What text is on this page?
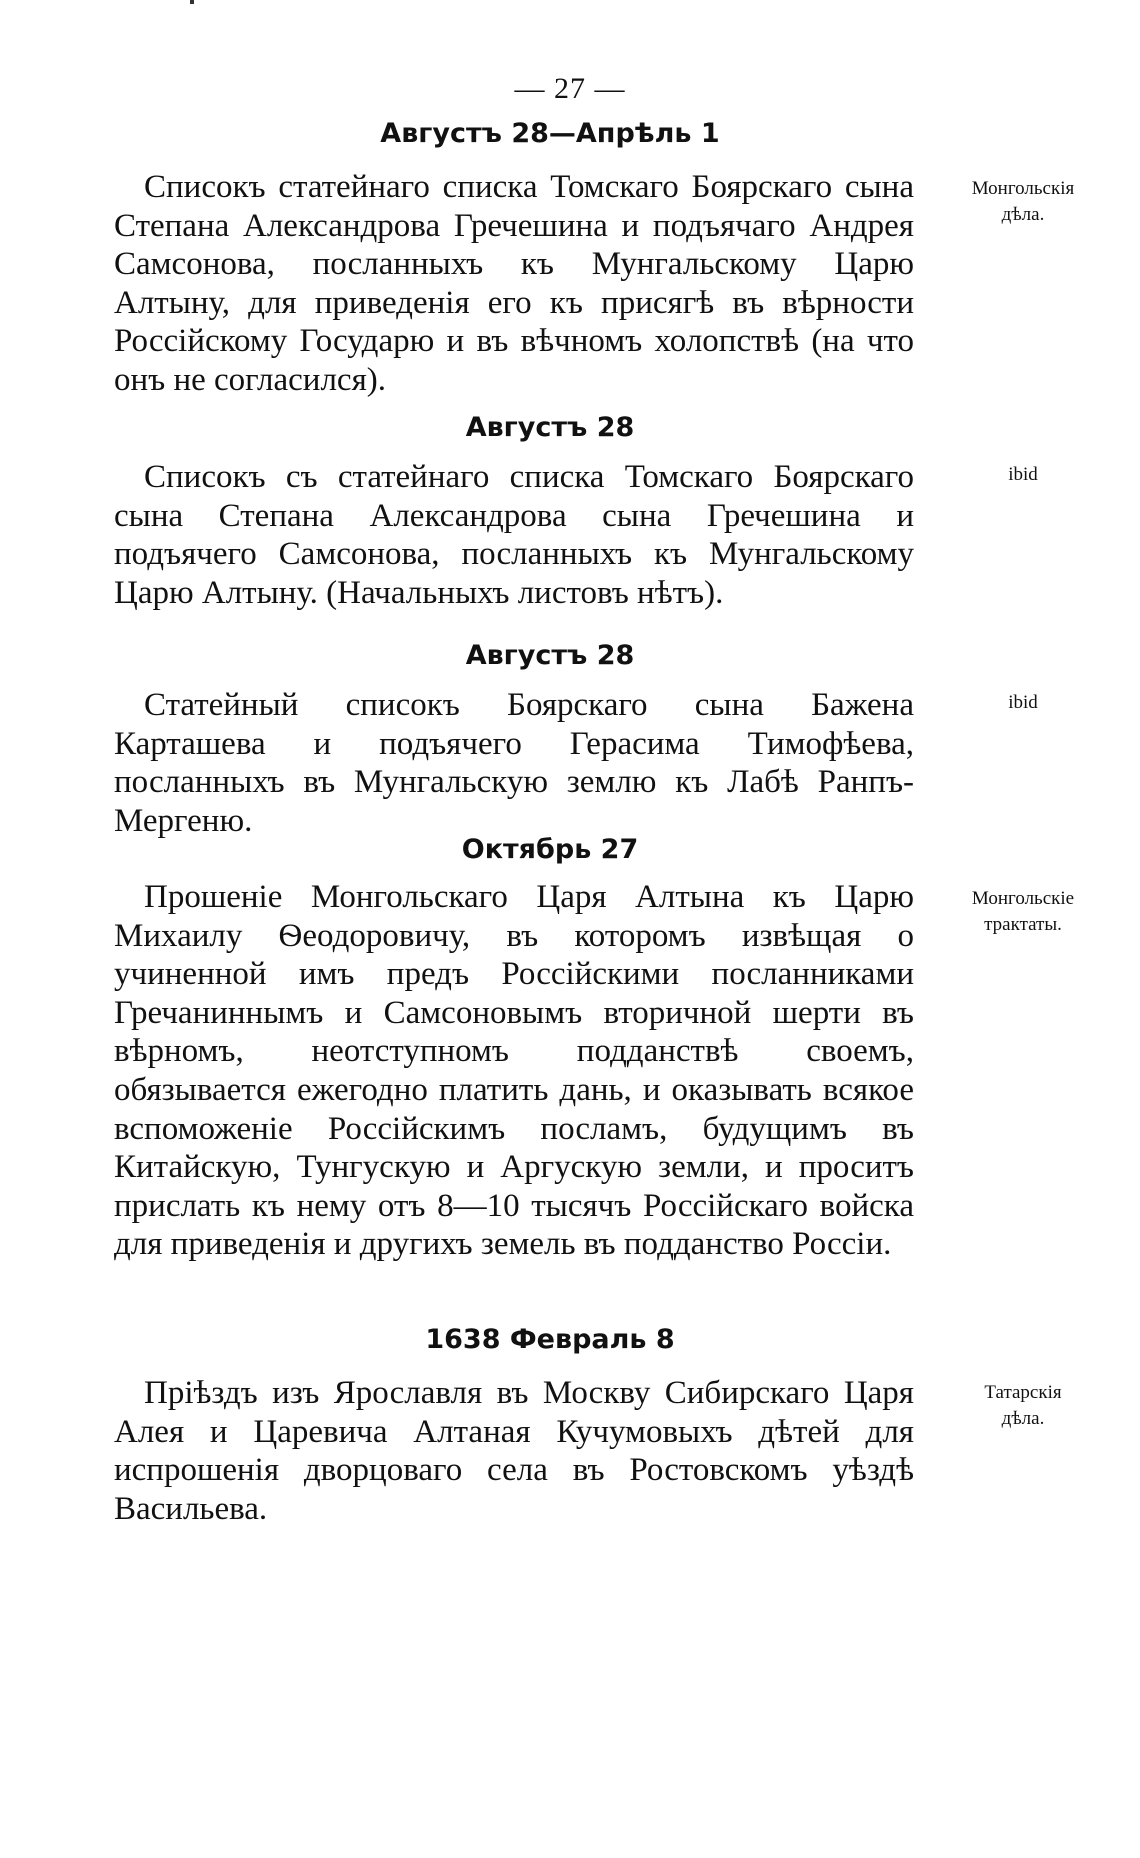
— 27 —
Августъ 28—Апрѣль 1

Списокъ статейнаго списка Томскаго Боярскаго сына Степана Александрова Гречешина и подъячаго Андрея Самсонова, посланныхъ къ Мунгальскому Царю Алтыну, для приведенія его къ присягѣ въ вѣрности Россійскому Государю и въ вѣчномъ холопствѣ (на что онъ не согласился).

Монгольскія
дѣла.

Августъ 28

Списокъ съ статейнаго списка Томскаго Боярскаго сына Степана Александрова сына Гречешина и подъячего Самсонова, посланныхъ къ Мунгальскому Царю Алтыну. (Начальныхъ листовъ нѣтъ).

ibid

Августъ 28

Статейный списокъ Боярскаго сына Бажена Карташева и подъячего Герасима Тимофѣева, посланныхъ въ Мунгальскую землю къ Лабѣ Ранпъ-Мергеню.

ibid

Октябрь 27

Прошеніе Монгольскаго Царя Алтына къ Царю Михаилу Ѳеодоровичу, въ которомъ извѣщая о учиненной имъ предъ Россійскими посланниками Гречаниннымъ и Самсоновымъ вторичной шерти въ вѣрномъ, неотступномъ подданствѣ своемъ, обязывается ежегодно платить дань, и оказывать всякое вспоможеніе Россійскимъ посламъ, будущимъ въ Китайскую, Тунгускую и Аргускую земли, и проситъ прислать къ нему отъ 8—10 тысячъ Россійскаго войска для приведенія и другихъ земель въ подданство Россіи.

Монгольскіе
трактаты.

1638 Февраль 8

Пріѣздъ изъ Ярославля въ Москву Сибирскаго Царя Алея и Царевича Алтаная Кучумовыхъ дѣтей для испрошенія дворцоваго села въ Ростовскомъ уѣздѣ Васильева.

Татарскія
дѣла.
